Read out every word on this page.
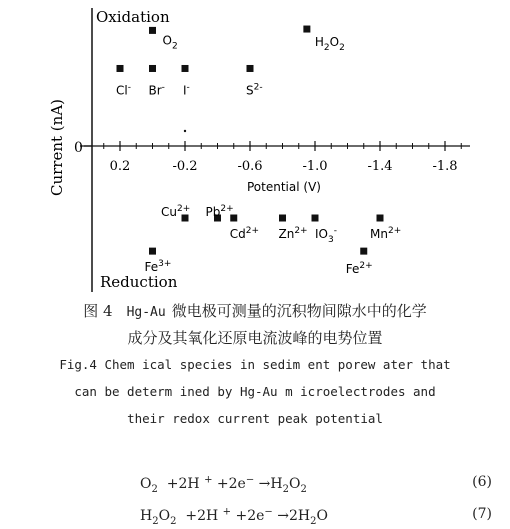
0.2	-0.2	-0.6	-1.0	-1.4	-1.8
$O_2$
Cl- Br- I-	$S^{2-}$
$H_2O_2$
$Cu^{2+}$ $Pb^{2+}$
$Cd^{2+}$ $Zn^{2+}$ $IO_3^-$	$Mn^{2+}$
$Fe^{3+}$	$Fe^{2+}$
Oxidation
Reduction
Current (nA) 0
Potential (V)
图 4 Hg-Au 微电极可测量的沉积物间隙水中的化学
成分及其氧化还原电流波峰的电势位置
Fig.4 Chem ical species in sedim ent porew ater that
can be determ ined by Hg-Au m icroelectrodes and
their redox current peak potential
$O_2 +2H$ $^+ +2e^- \to H_2O_2$	(6)
$H_2O_2 +2H$ $^+ +2e^- \to 2H_2O$	(7)
